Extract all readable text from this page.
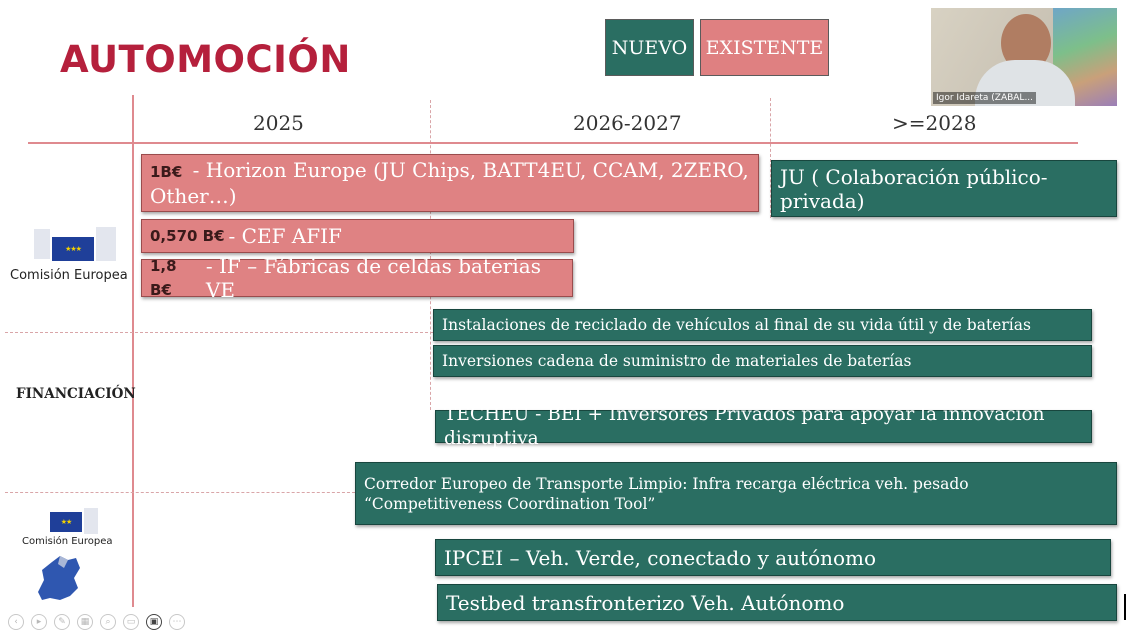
AUTOMOCIÓN	NUEVO EXISTENTE
2025	2026-2027	>=2028
1B€ - Horizon Europe (JU Chips, BATT4EU, CCAM, 2ZERO, Other…)
0,570 B€ - CEF AFIF
1,8 B€
- IF – Fábricas de celdas baterias VE
JU ( Colaboración público-privada)
Instalaciones de reciclado de vehículos al final de su vida útil y de baterías
Inversiones cadena de suministro de materiales de baterías
TECHEU - BEI + Inversores Privados para apoyar la innovación disruptiva
Corredor Europeo de Transporte Limpio: Infra recarga eléctrica veh. pesado
“Competitiveness Coordination Tool”
IPCEI – Veh. Verde, conectado y autónomo
Testbed transfronterizo Veh. Autónomo
★★★
Comisión Europea
FINANCIACIÓN
★★
Comisión Europea
Igor Idareta (ZABAL...
‹ ▸ ✎ ▦ ⌕ ▭ ▣ ⋯
